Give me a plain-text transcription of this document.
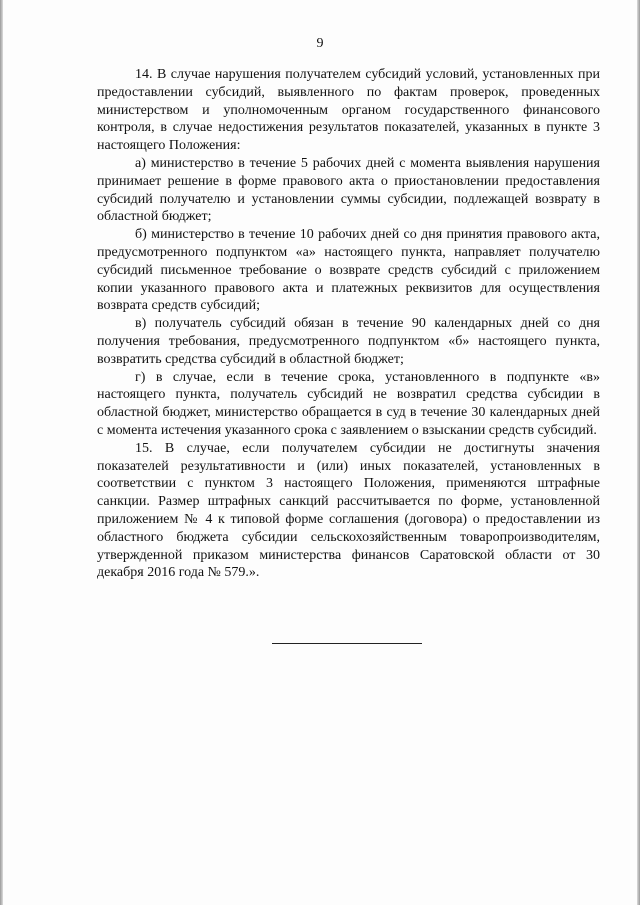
9

14. В случае нарушения получателем субсидий условий, установленных при предоставлении субсидий, выявленного по фактам проверок, проведенных министерством и уполномоченным органом государственного финансового контроля, в случае недостижения результатов показателей, указанных в пункте 3 настоящего Положения:

а) министерство в течение 5 рабочих дней с момента выявления нарушения принимает решение в форме правового акта о приостановлении предоставления субсидий получателю и установлении суммы субсидии, подлежащей возврату в областной бюджет;

б) министерство в течение 10 рабочих дней со дня принятия правового акта, предусмотренного подпунктом «а» настоящего пункта, направляет получателю субсидий письменное требование о возврате средств субсидий с приложением копии указанного правового акта и платежных реквизитов для осуществления возврата средств субсидий;

в) получатель субсидий обязан в течение 90 календарных дней со дня получения требования, предусмотренного подпунктом «б» настоящего пункта, возвратить средства субсидий в областной бюджет;

г) в случае, если в течение срока, установленного в подпункте «в» настоящего пункта, получатель субсидий не возвратил средства субсидии в областной бюджет, министерство обращается в суд в течение 30 календарных дней с момента истечения указанного срока с заявлением о взыскании средств субсидий.

15. В случае, если получателем субсидии не достигнуты значения показателей результативности и (или) иных показателей, установленных в соответствии с пунктом 3 настоящего Положения, применяются штрафные санкции. Размер штрафных санкций рассчитывается по форме, установленной приложением № 4 к типовой форме соглашения (договора) о предоставлении из областного бюджета субсидии сельскохозяйственным товаропроизводителям, утвержденной приказом министерства финансов Саратовской области от 30 декабря 2016 года № 579.».
